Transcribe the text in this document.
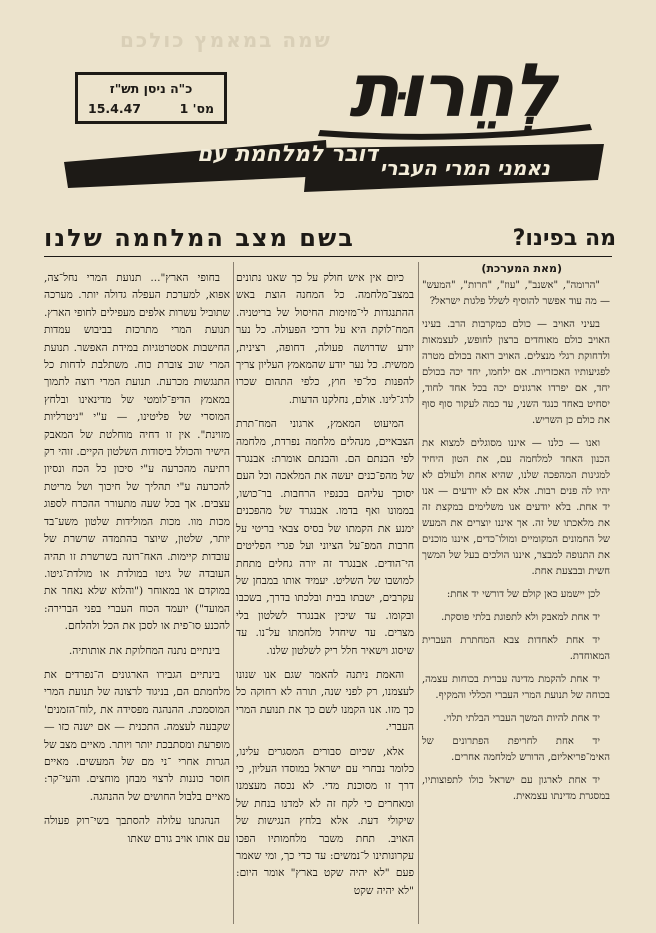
שמה במאמץ כולכם
כ"ה ניסן תש"ז
מס' 1
15.4.47	לְחֵרוּת
דובר למלחמת עם
נאמני המרי העברי
מה בפינו?
(מאת המערכת)
בשם מצב המלחמה שלנו

"הרומה", "אשנב", "עוז", "חרות", "המעש" — מה עוד אפשר להוסיף לשלל פלגות ישראל?

בעיני האויב — כולם כמקרבות הרב. בעיני האויב כולם מאוחדים ברצון לחופש, לעצמאות ולדחוקת רגלי מנצלים. האויב רואה בכולם מטרה לפגיעותיו האכזריות. אם ילחמו, יחד יכה בכולם יחד, אם יפרדו ארגונים יכה בכל אחד לחוד, יסחיט באחד כנגד השני, עד כמה לעקור סוף סוף את כולם כן השריש.

ואנו — כלנו — איננו מסוגלים למצוא את הכנון האחד למלחמה עם, את הטון היחיד למגינות המהפכה שלנו, שהיא אחת ולעולם לא יהיו לה פנים רבות. אלא אם לא יודעים — אנו יד אחת. בלא יודעים אנו משלימים במקצת זה את מלאכתו של זה. אך איננו יוצרים את המעש של החמונים המקומיים ומולו־כדים, איננו מוכנים את התנופה למבצר, איננו הולכים בעל של המשך חשית ובבצעת אחת.

לכן יישמע כאן קולם של דורשי יד אחת:

יד אחת למאבק ולא לתפוגת בלתי פוסקת.

יד אחת לאחדות צבא המחתרת העברית המאוחדת.

יד אחת להקמת מדינה עברית בכוחות עצמה, בכוחה של תנועת המרי העברי הכללי והמקיף.

יד אחת להיות המשך העברי הבלתי תלוי.

יד אחת לחריפת הפתרונים של האימ־פריאליזם, הדורש למלחמה אחרים.

יד אחת לארגון עם ישראל כולו לתפוצותיו, במסגרת מדינתו עצמאית.

כיום אין איש חולק על כך שאנו נתונים במצב־מלחמה. כל המחנה הוצת באש ההתנגדות לי־מזימות החיסול של בריטניה. המח־לוקת היא על דרכי הפעולה. כל נער יודע שדרושה פעולה, דחופה, רצינית, ממשית. כל נער יודע שהמאמץ העליון צריך להפנות כל־פי חוץ, כלפי התהום שכרו לרג־לינו. אולם, נחלקנו הדעות.

המיעוט המאמץ, ארגוני המח־תרת הצבאיים, מנהלים מלחמה נפרדת, מלחמה לפי הבנתם הם. והבנתם אומרת: אבנגרד של מהפ־כנים יעשה את המלאכה וכל העם יסוכך עליהם בכנפיו הרחבות. בר־כושו, בממונו ואף בדמו. אבנגרד של מהפכנים ימנע את הקמתו של בסיס צבאי בריטי על חרבות המפ־על הציוני ועל פגרי הפליטים הי־הודים. אבנגרד זה יורה גחלים מתחת למושבו של השליט. יעמיד אותו במבחן של עקרבים, ישבתו בבית ובלכתו בדרך, בשכבו ובקומו. עד שיכין אבנגרד לשלטון בלי מצרים. עד שיחדל מלחמתו על־נו. עד שיסוג וישאיר חלל ריק לשלטון שלנו.

והאמת ניתנה להאמר שגם אנו שנונו לעצמנו, רק לפני שנה, תורה לא רחוקה כל כך מזו. אנו הקמנו לשם כך את תנועת המרי העברי.

אלא, שכיום סבורים המסגרים עלינו, כלומר נבחרי עם ישראל במוסדו העליון, כי דרך זו מסוכנת מדי. לא נכסה מעצמנו ומאחרים כי לקח זה לא למדנו בנחת של שיקולי דעת. אלא בלחץ הנגישות של האויב. תחת משבר מלחמותיו הפכו עקרונותינו ל־נמשים: עד כדי כך, ומי שאמר פעם "לא יהיה שקט בארץ" אומר היום: "לא יהיה שקט

בחופי הארץ"... תנועת המרי נחל־צה, אפוא, למערכת העפלה גדולה יותר. מערכה שתוביל עשרות אלפים מעפילים לחופי הארץ. תנועת המרי מתרכזת בביבוש עמדות החישבות אסטרטגיות במידת האפשר. תנועת המרי שוב צוברת כוח. משתלבת לדחות כל התנגשות מכרעת. תנועת המרי רוצה לתמוך במאמץ הדיפ־לומטי של מדינאינו ובלחץ המוסרי של פליטינו, — ע"י "ניטרליות מזוינת". אין זו דחיה מוחלטת של המאבק הישיר והכולל ביסודות השלטון הקיים. זוהי רק רתיעה מהכרעה ע"י סיכון כל הכח ונסיון להכרעה ע"י תהליך של חיכוך ושל מריטת עצבים. אך בכל שעה מתעורר ההכרח לספוג מכות מוו. מכות המולידות שלטון משע־בד יותר, שלטון, שיוצר בהתמדה שרשרת של עובדות קיימות. האח־רונה בשרשרת זו תהיה העובדה של גיטו במולדת או מולדת־גיטו. במוקדם או במאוחר ("והלוא שלא נאחר את המועד") יועמד הכוח העברי בפני הברירה: להכנע סו־פית או לסכן את הכל ולהלחם.

בינתיים נתנה המחלוקת את אותותיה.

בינתיים הגבירו הארגונים ה־נפרדים את מלחמתם הם, בניגוד לרצונה של תנועת המרי המוסמכת. ההנהגה מפסידה את ‚לוח־הזמנים' שקבעה לעצמה. התכנית — אם ישנה כזו — מופרעת ומסתבכת יותר ויותר. מאיים מצב של הגרות אחרי ־ני מם של המעשים. מאיים חוסר כוננות לרצוי מבחן מוחצים. והעי־קר: מאיים בלבול החושים של ההנהגה.

הנהגתנו עלולה להסתבך בשי־רוק פעולה עם אותו אויב גורם שאתו
